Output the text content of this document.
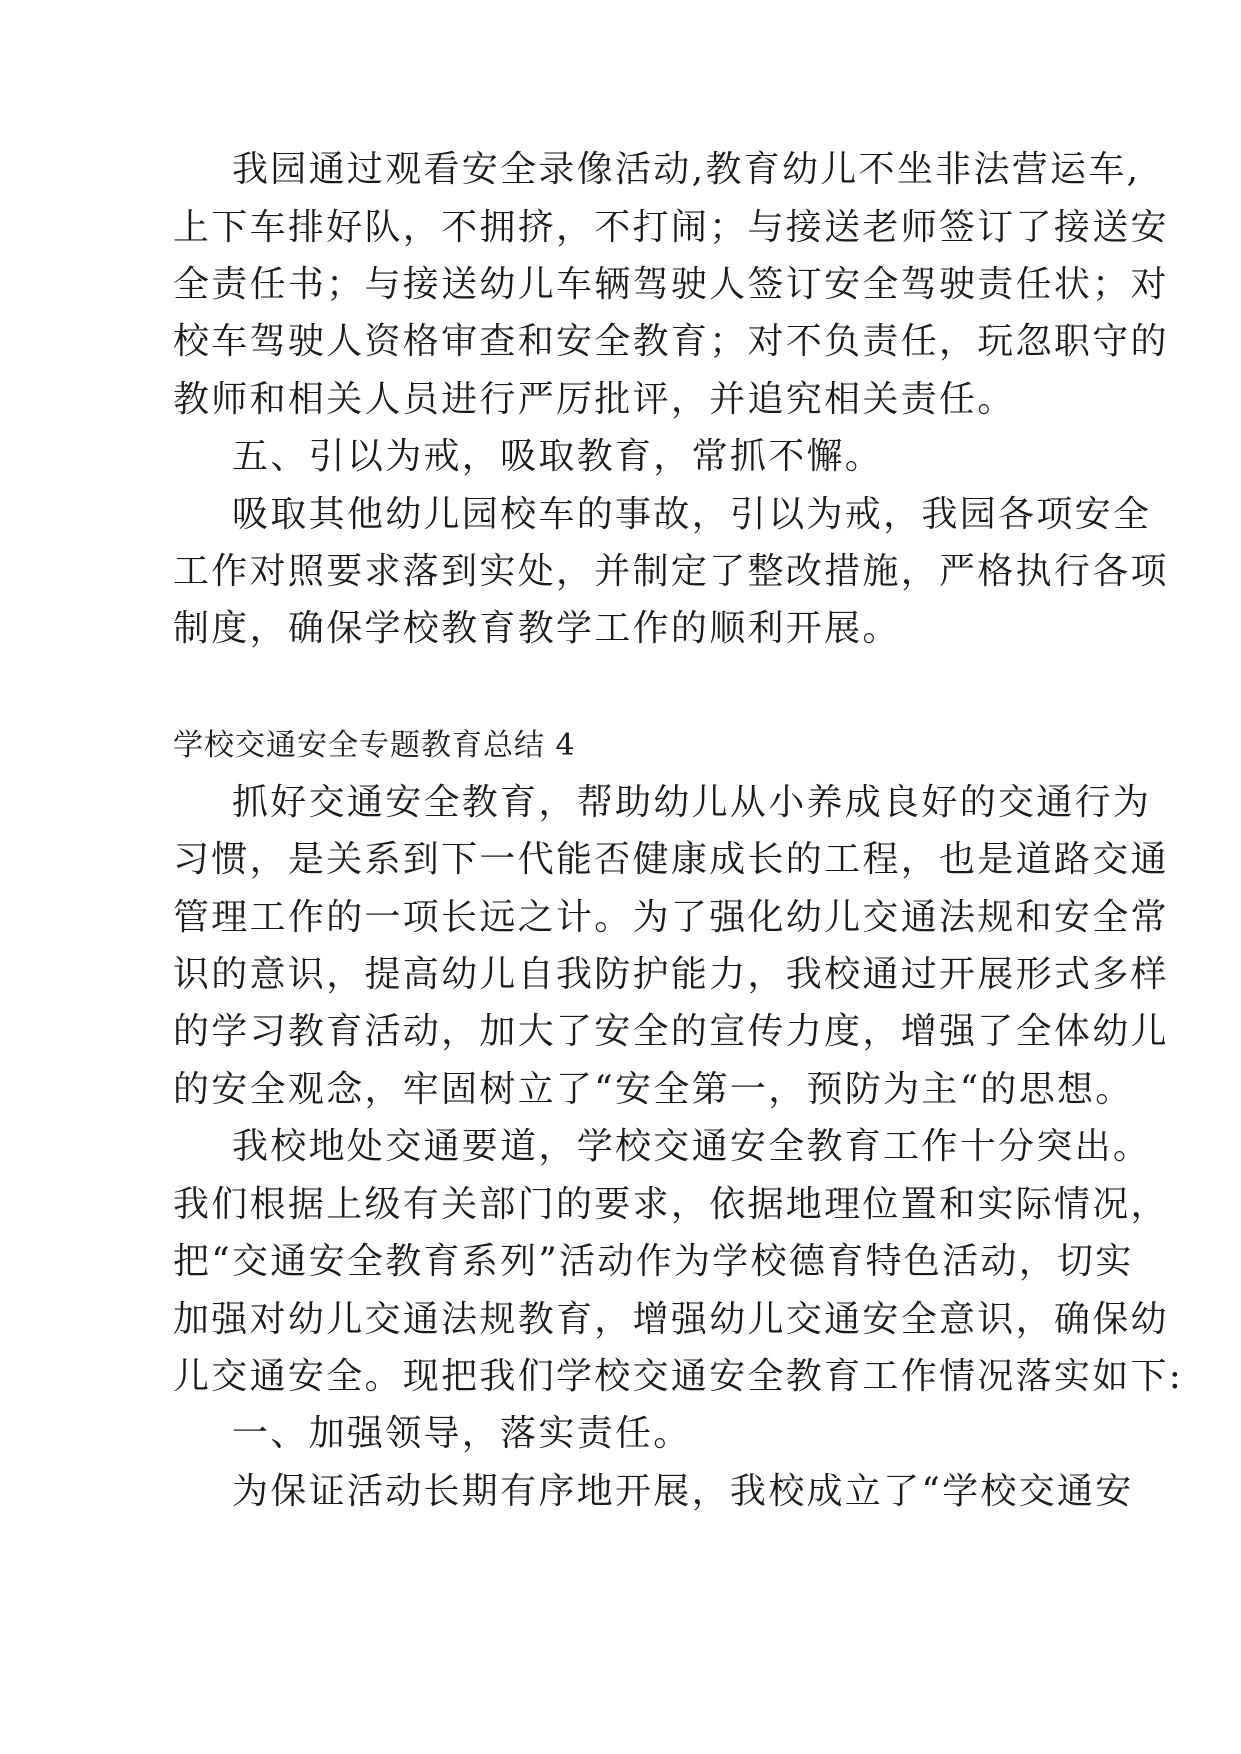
我园通过观看安全录像活动,教育幼儿不坐非法营运车,
上下车排好队，不拥挤，不打闹；与接送老师签订了接送安
全责任书；与接送幼儿车辆驾驶人签订安全驾驶责任状；对
校车驾驶人资格审查和安全教育；对不负责任，玩忽职守的
教师和相关人员进行严厉批评，并追究相关责任。
五、引以为戒，吸取教育，常抓不懈。
吸取其他幼儿园校车的事故，引以为戒，我园各项安全
工作对照要求落到实处，并制定了整改措施，严格执行各项
制度，确保学校教育教学工作的顺利开展。
学校交通安全专题教育总结 4
抓好交通安全教育，帮助幼儿从小养成良好的交通行为
习惯，是关系到下一代能否健康成长的工程，也是道路交通
管理工作的一项长远之计。为了强化幼儿交通法规和安全常
识的意识，提高幼儿自我防护能力，我校通过开展形式多样
的学习教育活动，加大了安全的宣传力度，增强了全体幼儿
的安全观念，牢固树立了“安全第一，预防为主“的思想。
我校地处交通要道，学校交通安全教育工作十分突出。
我们根据上级有关部门的要求，依据地理位置和实际情况，
把“交通安全教育系列”活动作为学校德育特色活动，切实
加强对幼儿交通法规教育，增强幼儿交通安全意识，确保幼
儿交通安全。现把我们学校交通安全教育工作情况落实如下:
一、加强领导，落实责任。
为保证活动长期有序地开展，我校成立了“学校交通安
